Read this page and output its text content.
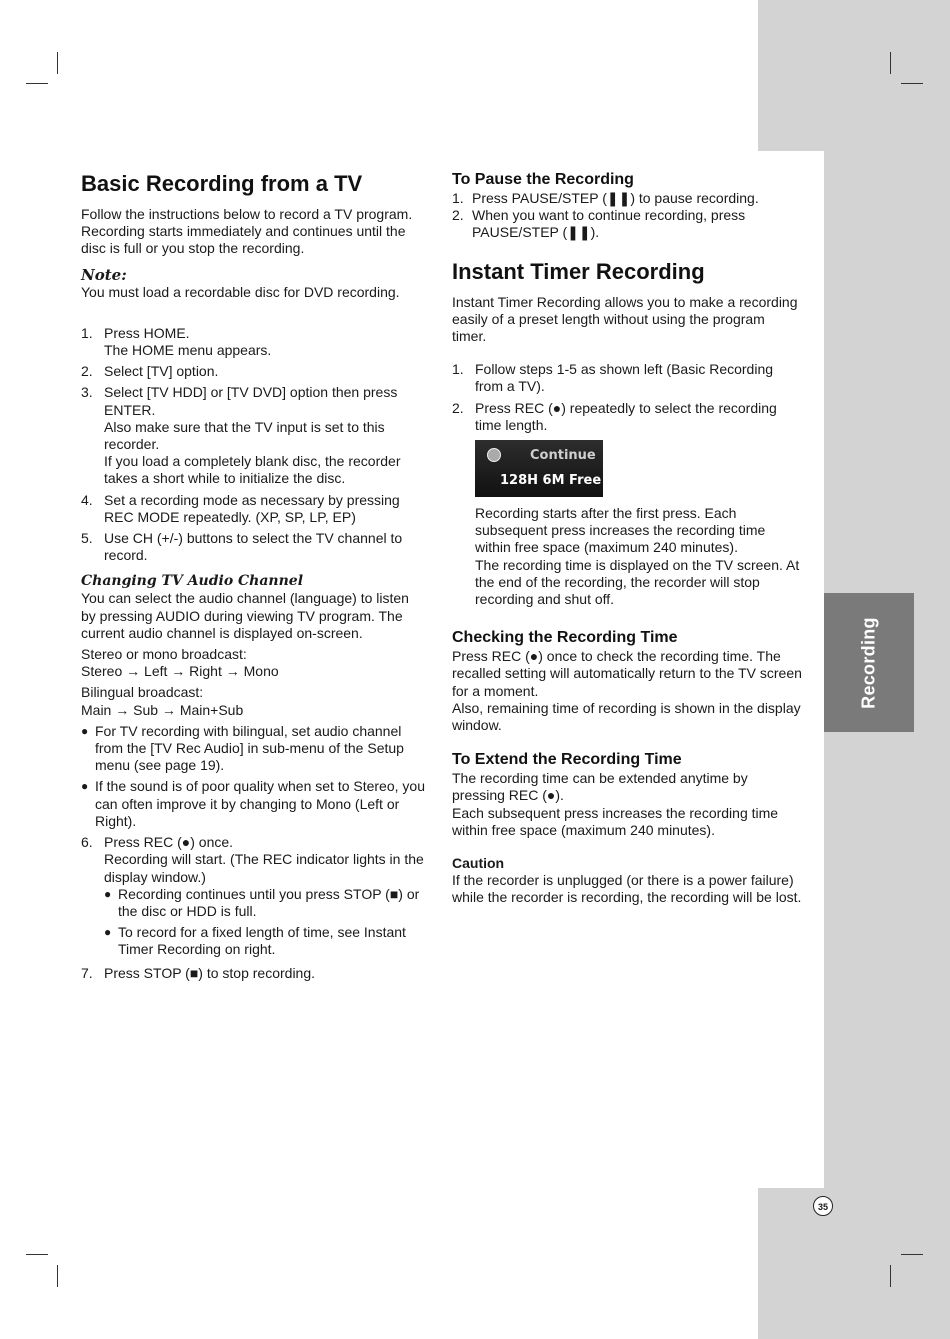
Recording
35
Basic Recording from a TV

Follow the instructions below to record a TV program. Recording starts immediately and continues until the disc is full or you stop the recording.

Note:

You must load a recordable disc for DVD recording.

1. Press HOME.
The HOME menu appears.
2. Select [TV] option.
3. Select [TV HDD] or [TV DVD] option then press ENTER.
Also make sure that the TV input is set to this recorder.
If you load a completely blank disc, the recorder takes a short while to initialize the disc.
4. Set a recording mode as necessary by pressing REC MODE repeatedly. (XP, SP, LP, EP)
5. Use CH (+/-) buttons to select the TV channel to record.

Changing TV Audio Channel

You can select the audio channel (language) to listen by pressing AUDIO during viewing TV program. The current audio channel is displayed on-screen.

Stereo or mono broadcast:

Stereo → Left → Right → Mono

Bilingual broadcast:

Main → Sub → Main+Sub

● For TV recording with bilingual, set audio channel from the [TV Rec Audio] in sub-menu of the Setup menu (see page 19).
● If the sound is of poor quality when set to Stereo, you can often improve it by changing to Mono (Left or Right).
6. Press REC (●) once.
Recording will start. (The REC indicator lights in the display window.)
● Recording continues until you press STOP (■) or the disc or HDD is full.
● To record for a fixed length of time, see Instant Timer Recording on right.
7. Press STOP (■) to stop recording.
To Pause the Recording
1. Press PAUSE/STEP (❚❚) to pause recording.
2. When you want to continue recording, press PAUSE/STEP (❚❚).
Instant Timer Recording

Instant Timer Recording allows you to make a recording easily of a preset length without using the program timer.

1. Follow steps 1-5 as shown left (Basic Recording from a TV).
2. Press REC (●) repeatedly to select the recording time length.
Continue
128H 6M Free
Recording starts after the first press. Each subsequent press increases the recording time within free space (maximum 240 minutes).
The recording time is displayed on the TV screen. At the end of the recording, the recorder will stop recording and shut off.
Checking the Recording Time

Press REC (●) once to check the recording time. The recalled setting will automatically return to the TV screen for a moment.

Also, remaining time of recording is shown in the display window.

To Extend the Recording Time

The recording time can be extended anytime by pressing REC (●).

Each subsequent press increases the recording time within free space (maximum 240 minutes).

Caution

If the recorder is unplugged (or there is a power failure) while the recorder is recording, the recording will be lost.
